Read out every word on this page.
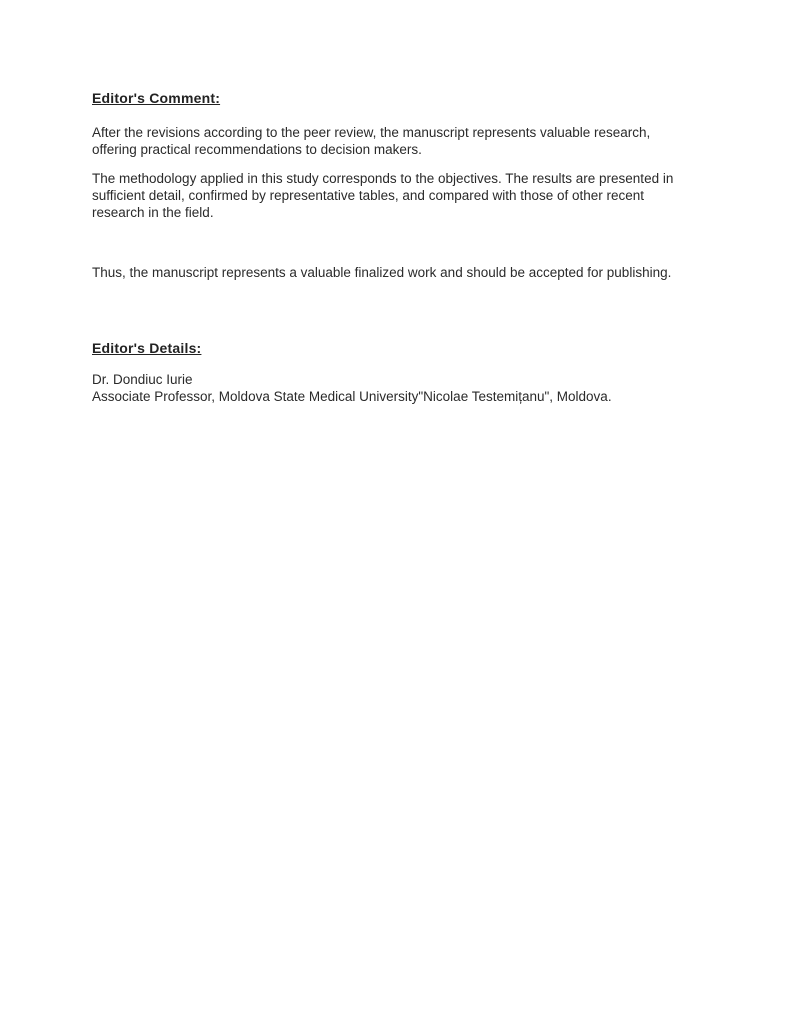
Editor's Comment:

After the revisions according to the peer review, the manuscript represents valuable research, offering practical recommendations to decision makers.

The methodology applied in this study corresponds to the objectives. The results are presented in sufficient detail, confirmed by representative tables, and compared with those of other recent research in the field.

Thus, the manuscript represents a valuable finalized work and should be accepted for publishing.

Editor's Details:

Dr. Dondiuc Iurie

Associate Professor, Moldova State Medical University"Nicolae Testemițanu", Moldova.
